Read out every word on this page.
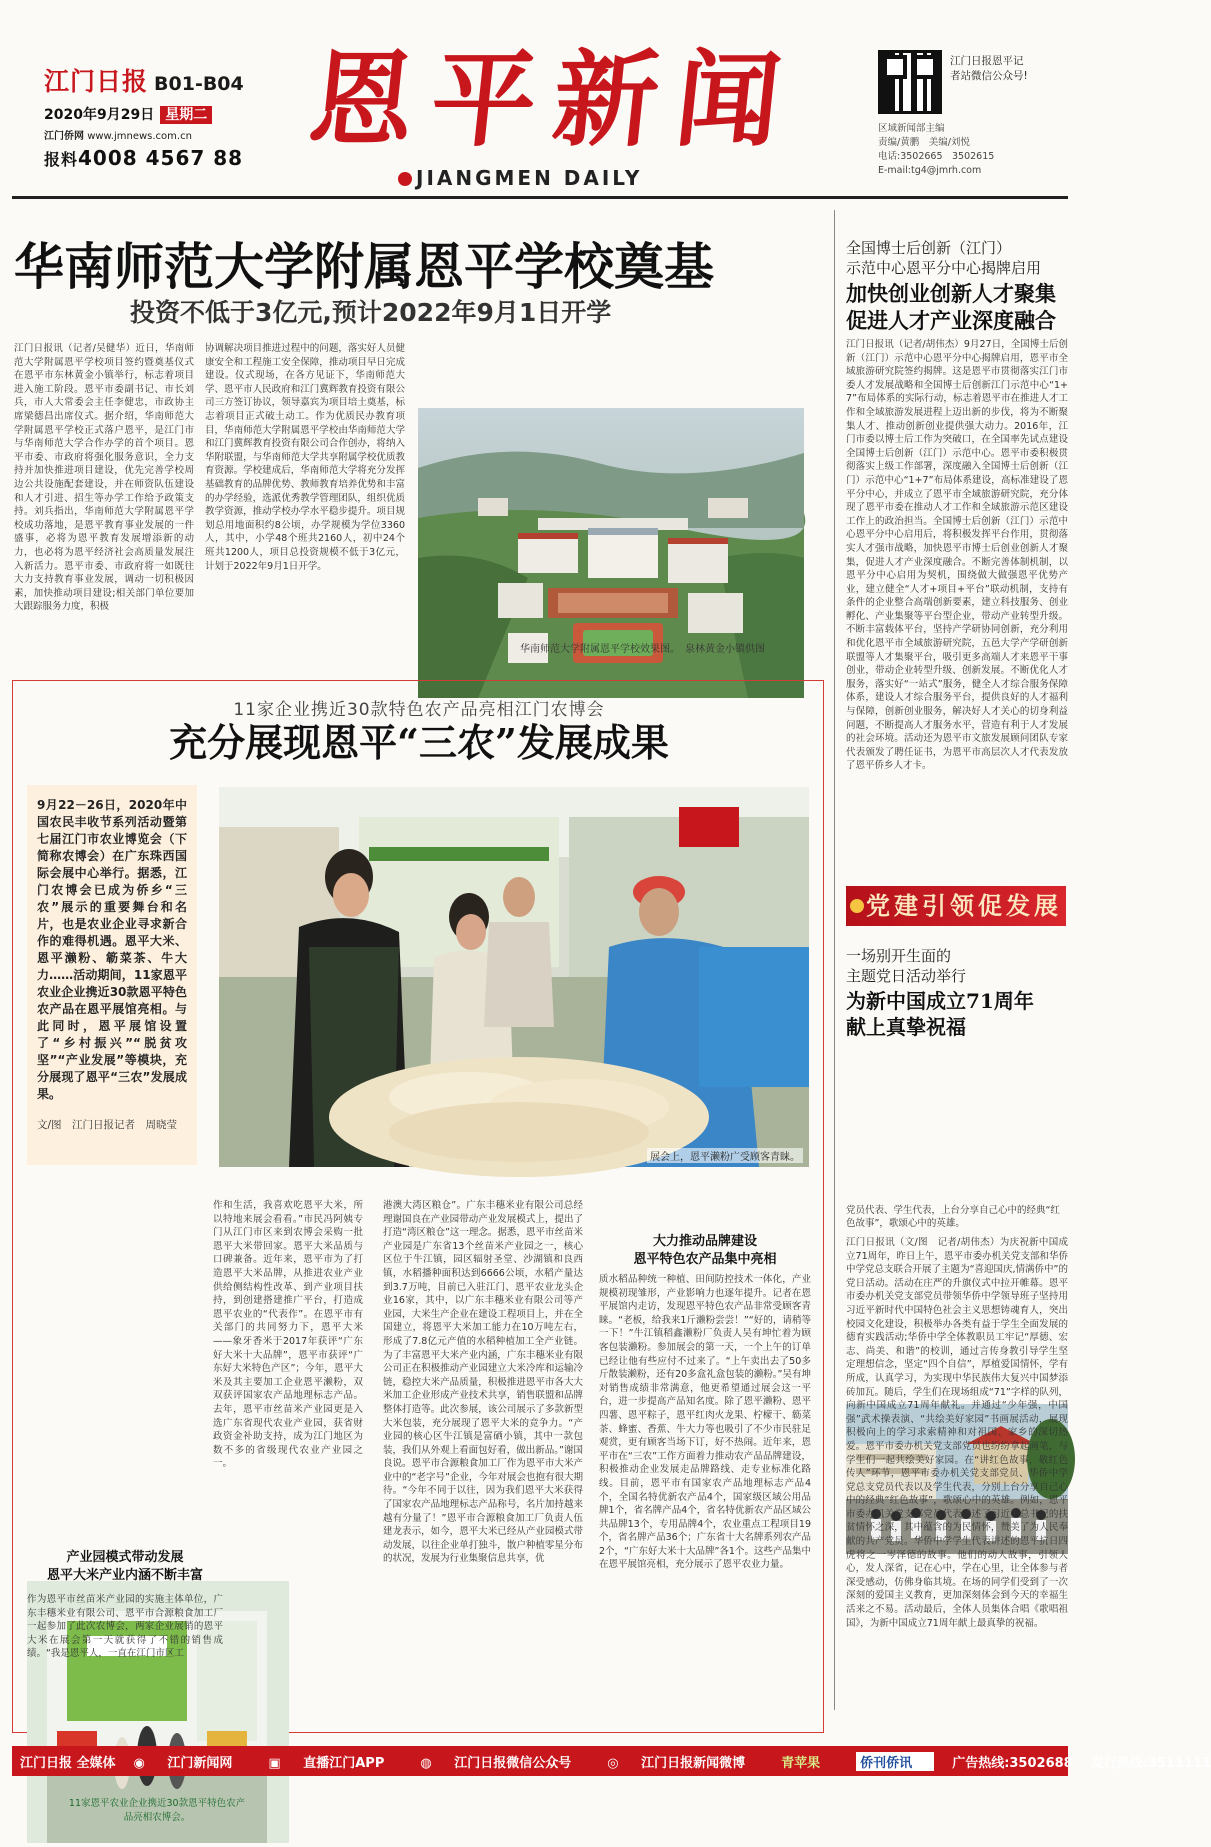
江门日报 B01-B04
2020年9月29日 星期二
江门侨网 www.jmnews.com.cn
报料4008 4567 88 恩平新闻
JIANGMEN DAILY
江门日报恩平记者站微信公众号!
区域新闻部主编
责编/黄鹏　美编/刘悦
电话:3502665　3502615
E-mail:tg4@jmrh.com
华南师范大学附属恩平学校奠基
投资不低于3亿元,预计2022年9月1日开学
江门日报讯（记者/吴健华）近日，华南师范大学附属恩平学校项目签约暨奠基仪式在恩平市东林黄金小镇举行，标志着项目进入施工阶段。恩平市委副书记、市长刘兵，市人大常委会主任李健忠，市政协主席梁德昌出席仪式。据介绍，华南师范大学附属恩平学校正式落户恩平，是江门市与华南师范大学合作办学的首个项目。恩平市委、市政府将强化服务意识，全力支持并加快推进项目建设，优先完善学校周边公共设施配套建设，并在师资队伍建设和人才引进、招生等办学工作给予政策支持。刘兵指出，华南师范大学附属恩平学校成功落地，是恩平教育事业发展的一件盛事，必将为恩平教育发展增添新的动力，也必将为恩平经济社会高质量发展注入新活力。恩平市委、市政府将一如既往大力支持教育事业发展，调动一切积极因素，加快推动项目建设;相关部门单位要加大跟踪服务力度，积极
协调解决项目推进过程中的问题，落实好人员健康安全和工程施工安全保障，推动项目早日完成建设。仪式现场，在各方见证下，华南师范大学、恩平市人民政府和江门冀辉教育投资有限公司三方签订协议，领导嘉宾为项目培土奠基，标志着项目正式破土动工。作为优质民办教育项目，华南师范大学附属恩平学校由华南师范大学和江门冀辉教育投资有限公司合作创办，将纳入华附联盟，与华南师范大学共享附属学校优质教育资源。学校建成后，华南师范大学将充分发挥基础教育的品牌优势、教师教育培养优势和丰富的办学经验，选派优秀教学管理团队，组织优质教学资源，推动学校办学水平稳步提升。项目规划总用地面积约8公顷，办学规模为学位3360人，其中，小学48个班共2160人，初中24个班共1200人，项目总投资规模不低于3亿元，计划于2022年9月1日开学。
华南师范大学附属恩平学校效果图。　泉林黄金小镇供图
全国博士后创新（江门）
示范中心恩平分中心揭牌启用
加快创业创新人才聚集
促进人才产业深度融合
江门日报讯（记者/胡伟杰）9月27日，全国博士后创新（江门）示范中心恩平分中心揭牌启用，恩平市全域旅游研究院签约揭牌。这是恩平市贯彻落实江门市委人才发展战略和全国博士后创新江门示范中心“1+7”布局体系的实际行动，标志着恩平市在推进人才工作和全域旅游发展进程上迈出新的步伐，将为不断聚集人才、推动创新创业提供强大动力。2016年，江门市委以博士后工作为突破口，在全国率先试点建设全国博士后创新（江门）示范中心。恩平市委积极贯彻落实上级工作部署，深度融入全国博士后创新（江门）示范中心“1+7”布局体系建设，高标准建设了恩平分中心，并成立了恩平市全域旅游研究院，充分体现了恩平市委在推动人才工作和全域旅游示范区建设工作上的政治担当。全国博士后创新（江门）示范中心恩平分中心启用后，将积极发挥平台作用，贯彻落实人才强市战略，加快恩平市博士后创业创新人才聚集，促进人才产业深度融合。不断完善体制机制，以恩平分中心启用为契机，围绕做大做强恩平优势产业，建立健全“人才+项目+平台”联动机制，支持有条件的企业整合高端创新要素，建立科技服务、创业孵化、产业集聚等平台型企业，带动产业转型升级。不断丰富载体平台，坚持产学研协同创新，充分利用和优化恩平市全域旅游研究院，五邑大学产学研创新联盟等人才集聚平台，吸引更多高端人才来恩平干事创业，带动企业转型升级、创新发展。不断优化人才服务，落实好“一站式”服务，健全人才综合服务保障体系，建设人才综合服务平台，提供良好的人才福利与保障，创新创业服务，解决好人才关心的切身利益问题，不断提高人才服务水平，营造有利于人才发展的社会环境。活动还为恩平市文旅发展顾问团队专家代表颁发了聘任证书，为恩平市高层次人才代表发放了恩平侨乡人才卡。
11家企业携近30款特色农产品亮相江门农博会
充分展现恩平“三农”发展成果
9月22－26日，2020年中国农民丰收节系列活动暨第七届江门市农业博览会（下简称农博会）在广东珠西国际会展中心举行。据悉，江门农博会已成为侨乡“三农”展示的重要舞台和名片，也是农业企业寻求新合作的难得机遇。恩平大米、恩平濑粉、簕菜茶、牛大力……活动期间，11家恩平农业企业携近30款恩平特色农产品在恩平展馆亮相。与此同时，恩平展馆设置了“乡村振兴”“脱贫攻坚”“产业发展”等模块，充分展现了恩平“三农”发展成果。
文/图　江门日报记者　周晓莹
展会上，恩平濑粉广受顾客青睐。
11家恩平农业企业携近30款恩平特色农产品亮相农博会。
作和生活，我喜欢吃恩平大米，所以特地来展会看看。”市民冯阿姨专门从江门市区来到农博会采购一批恩平大米带回家。恩平大米品质与口碑兼备。近年来，恩平市为了打造恩平大米品牌，从推进农业产业供给侧结构性改革、到产业项目扶持，到创建搭建推广平台，打造成恩平农业的“代表作”。在恩平市有关部门的共同努力下，恩平大米——象牙香米于2017年获评“广东好大米十大品牌”，恩平市获评“广东好大米特色产区”；今年，恩平大米及其主要加工企业恩平濑粉，双双获评国家农产品地理标志产品。去年，恩平市丝苗米产业园更是入选广东省现代农业产业园，获省财政资金补助支持，成为江门地区为数不多的省级现代农业产业园之一。
产业园模式带动发展
恩平大米产业内涵不断丰富
作为恩平市丝苗米产业园的实施主体单位，广东丰穗米业有限公司、恩平市合源粮食加工厂一起参加了此次农博会，两家企业展销的恩平大米在展会第一天就获得了不错的销售成绩。“我是恩平人，一直在江门市区工
港澳大湾区粮仓”。广东丰穗米业有限公司总经理谢国良在产业园带动产业发展模式上，提出了打造“湾区粮仓”这一理念。据悉，恩平市丝苗米产业园是广东省13个丝苗米产业园之一，核心区位于牛江镇，园区辐射圣堂、沙湖镇和良西镇，水稻播种面积达到6666公顷，水稻产量达到3.7万吨，目前已入驻江门、恩平农业龙头企业16家，其中，以广东丰穗米业有限公司等产业园，大米生产企业在建设工程项目上，并在全国建立，将恩平大米加工能力在10万吨左右，形成了7.8亿元产值的水稻种植加工全产业链。为了丰富恩平大米产业内涵，广东丰穗米业有限公司正在积极推动产业园建立大米冷库和运输冷链，稳控大米产品质量，积极推进恩平市各大大米加工企业形成产业技术共享，销售联盟和品牌整体打造等。此次参展，该公司展示了多款新型大米包装，充分展现了恩平大米的竞争力。“产业园的核心区牛江镇是富硒小镇，其中一款包装，我们从外观上看面包好看，做出新品。”谢国良说。恩平市合源粮食加工厂作为恩平市大米产业中的“老字号”企业，今年对展会也抱有很大期待。“今年不同于以往，因为我们恩平大米获得了国家农产品地理标志产品称号，名片加持越来越有分量了！”恩平市合源粮食加工厂负责人伍建龙表示，如今，恩平大米已经从产业园模式带动发展，以往企业单打独斗，散户种植零星分布的状况，发展为行业集聚信息共享，优
大力推动品牌建设
恩平特色农产品集中亮相
质水稻品种统一种植、田间防控技术一体化，产业规模初现雏形，产业影响力也逐年提升。记者在恩平展馆内走访，发现恩平特色农产品非常受顾客青睐。“老板，给我来1斤濑粉尝尝！”“好的，请稍等一下！”牛江镇稻鑫濑粉厂负责人吴有坤忙着为顾客包装濑粉。参加展会的第一天，一个上午的订单已经让他有些应付不过来了。“上午卖出去了50多斤散装濑粉，还有20多盒礼盒包装的濑粉。”吴有坤对销售成绩非常满意，他更希望通过展会这一平台，进一步提高产品知名度。除了恩平濑粉、恩平四薯、恩平粽子，恩平红肉火龙果、柠檬干、簕菜茶、蜂蜜、香蕉、牛大力等也吸引了不少市民驻足观赏，更有顾客当场下订，好不热闹。近年来，恩平市在“三农”工作方面着力推动农产品品牌建设，积极推动企业发展走品牌路线、走专业标准化路线。目前，恩平市有国家农产品地理标志产品4个，全国名特优新农产品4个，国家级区域公用品牌1个，省名牌产品4个，省名特优新农产品区域公共品牌13个，专用品牌4个，农业重点工程项目19个，省名牌产品36个；广东省十大名牌系列农产品2个，“广东好大米十大品牌”各1个。这些产品集中在恩平展馆亮相，充分展示了恩平农业力量。
党建引领促发展
一场别开生面的
主题党日活动举行
为新中国成立71周年
献上真挚祝福
党员代表、学生代表，上台分享自己心中的经典“红色故事”，歌颂心中的英雄。
江门日报讯（文/图　记者/胡伟杰）为庆祝新中国成立71周年，昨日上午，恩平市委办机关党支部和华侨中学党总支联合开展了主题为“喜迎国庆,情满侨中”的党日活动。活动在庄严的升旗仪式中拉开帷幕。恩平市委办机关党支部党员带领华侨中学领导班子坚持用习近平新时代中国特色社会主义思想铸魂育人，突出校园文化建设，积极举办各类有益于学生全面发展的德育实践活动;华侨中学全体教职员工牢记“厚德、宏志、尚美、和谐”的校训，通过言传身教引导学生坚定理想信念，坚定“四个自信”，厚植爱国情怀，学有所成，认真学习，为实现中华民族伟大复兴中国梦添砖加瓦。随后，学生们在现场组成“71”字样的队列，向新中国成立71周年献礼。并通过“少年强，中国强”武术操表演、“共绘美好家园”书画展活动，展现积极向上的学习求索精神和对祖国、家乡的深切热爱。恩平市委办机关党支部党员也纷纷拿起画笔，与学生们一起共绘美好家园。在“讲红色故事，敬红色传人”环节，恩平市委办机关党支部党员、华侨中学党总支党员代表以及学生代表，分别上台分享自己心中的经典“红色故事”，歌颂心中的英雄。例如，恩平市委办机关党支部党员代表讲述了习近平总书记的扶贫情怀之深，其中蕴含的为民情怀，赞美了为人民奉献的共产党员。华侨中学学生代表讲述的恩平抗日四虎将之一岑泽德的故事。他们的动人故事，引领人心，发人深省，记在心中，学在心里，让全体参与者深受感动，仿佛身临其境。在场的同学们受到了一次深刻的爱国主义教育，更加深刻体会到今天的幸福生活来之不易。活动最后，全体人员集体合唱《歌唱祖国》，为新中国成立71周年献上最真挚的祝福。
江门日报 全媒体 ◉ 江门新闻网	▣ 直播江门APP	◍ 江门日报微信公众号	◎ 江门日报新闻微博	青苹果	侨刊侨讯	广告热线:3502688 发行热线:3511111
